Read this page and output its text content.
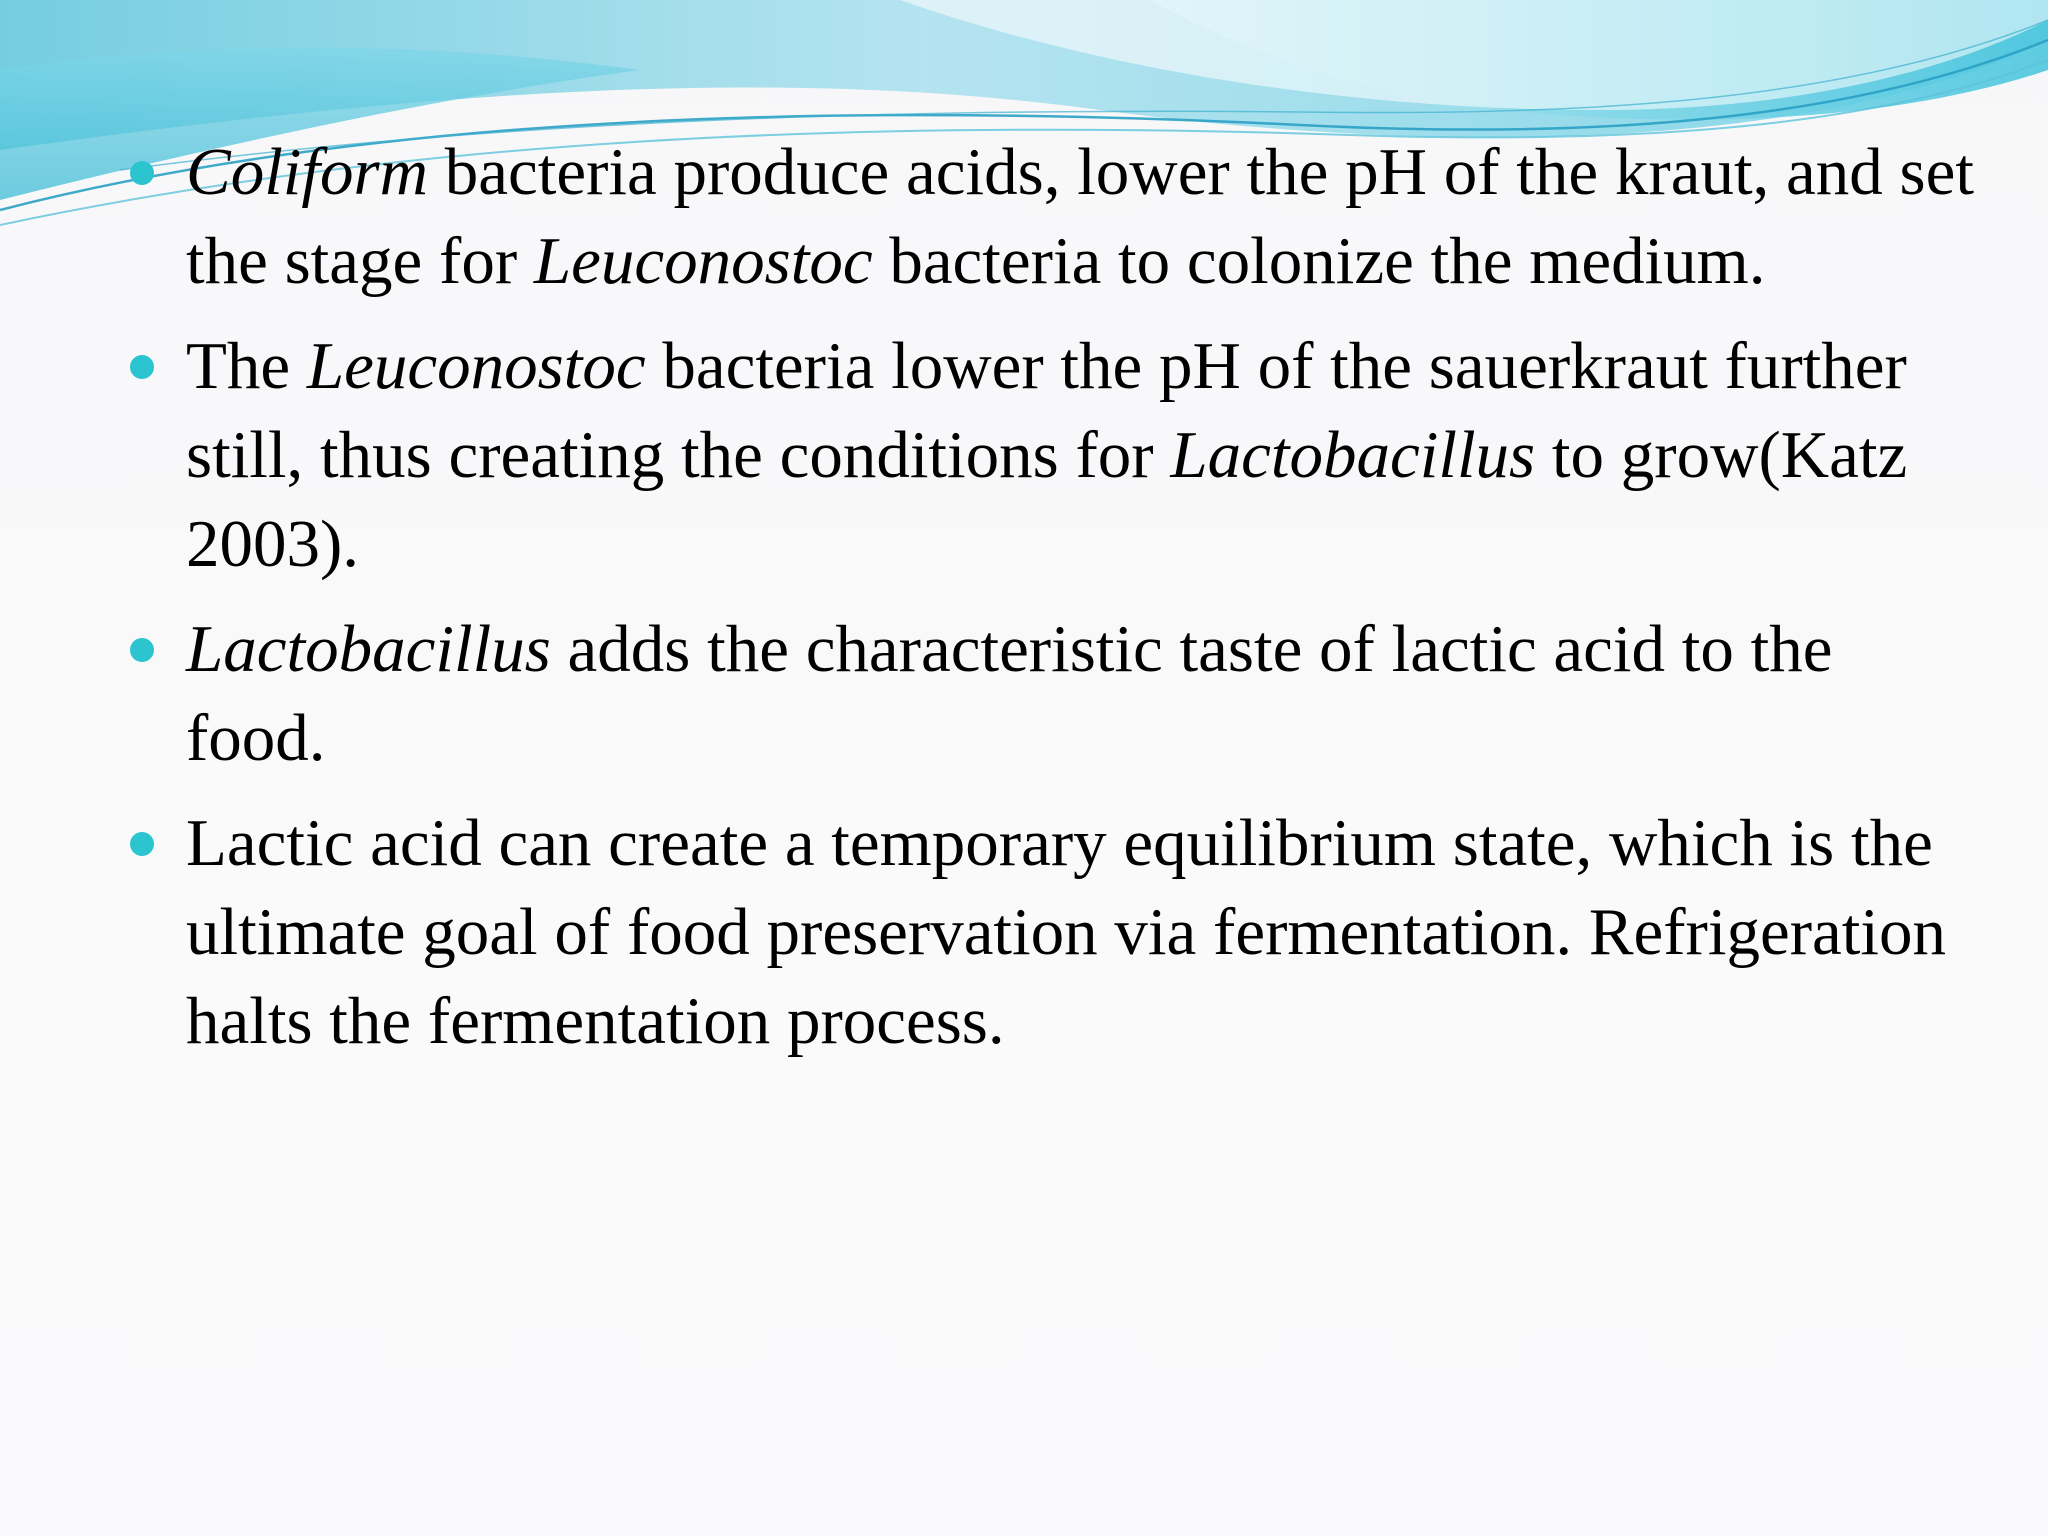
Coliform bacteria produce acids, lower the pH of the kraut, and set the stage for Leuconostoc bacteria to colonize the medium.
The Leuconostoc bacteria lower the pH of the sauerkraut further still, thus creating the conditions for Lactobacillus to grow(Katz 2003).
Lactobacillus adds the characteristic taste of lactic acid to the food.
Lactic acid can create a temporary equilibrium state, which is the ultimate goal of food preservation via fermentation. Refrigeration halts the fermentation process.
